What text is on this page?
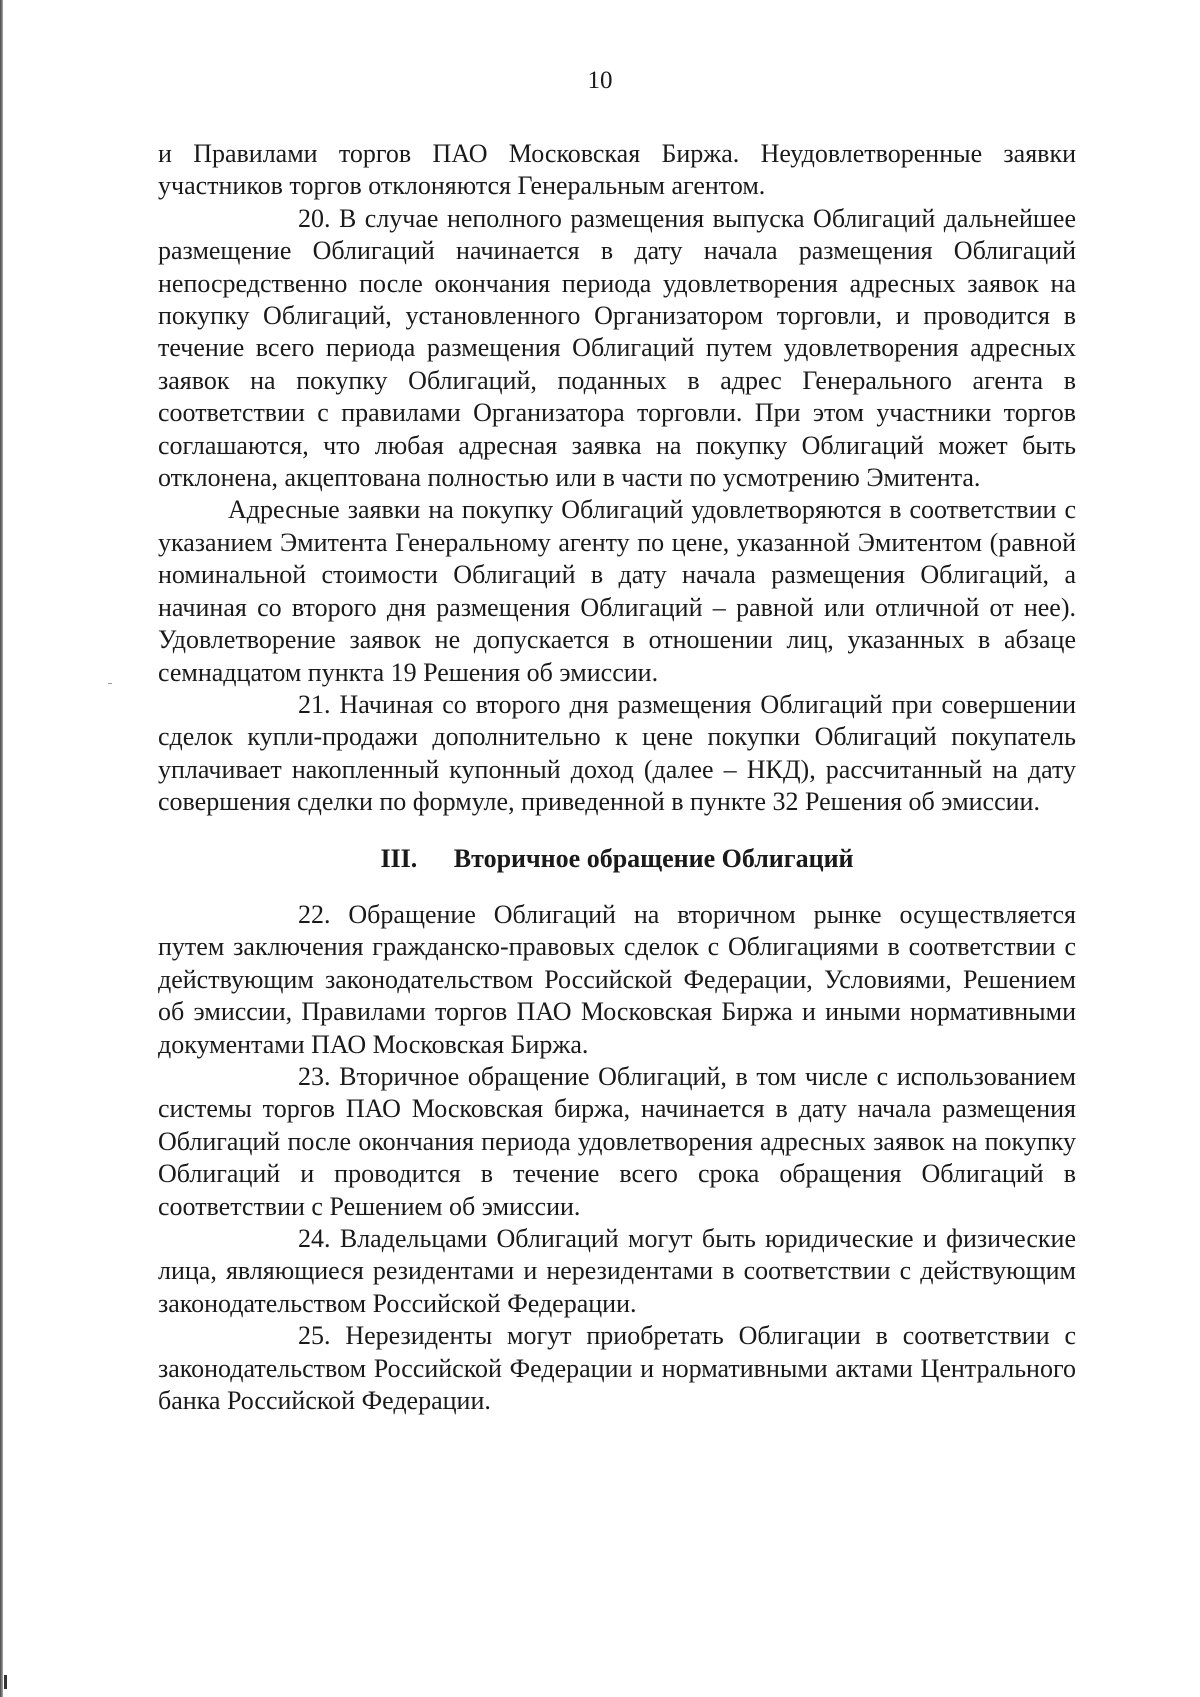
10

и Правилами торгов ПАО Московская Биржа. Неудовлетворенные заявки участников торгов отклоняются Генеральным агентом.

20. В случае неполного размещения выпуска Облигаций дальнейшее размещение Облигаций начинается в дату начала размещения Облигаций непосредственно после окончания периода удовлетворения адресных заявок на покупку Облигаций, установленного Организатором торговли, и проводится в течение всего периода размещения Облигаций путем удовлетворения адресных заявок на покупку Облигаций, поданных в адрес Генерального агента в соответствии с правилами Организатора торговли. При этом участники торгов соглашаются, что любая адресная заявка на покупку Облигаций может быть отклонена, акцептована полностью или в части по усмотрению Эмитента.

Адресные заявки на покупку Облигаций удовлетворяются в соответствии с указанием Эмитента Генеральному агенту по цене, указанной Эмитентом (равной номинальной стоимости Облигаций в дату начала размещения Облигаций, а начиная со второго дня размещения Облигаций – равной или отличной от нее). Удовлетворение заявок не допускается в отношении лиц, указанных в абзаце семнадцатом пункта 19 Решения об эмиссии.

21. Начиная со второго дня размещения Облигаций при совершении сделок купли-продажи дополнительно к цене покупки Облигаций покупатель уплачивает накопленный купонный доход (далее – НКД), рассчитанный на дату совершения сделки по формуле, приведенной в пункте 32 Решения об эмиссии.

III. Вторичное обращение Облигаций

22. Обращение Облигаций на вторичном рынке осуществляется путем заключения гражданско-правовых сделок с Облигациями в соответствии с действующим законодательством Российской Федерации, Условиями, Решением об эмиссии, Правилами торгов ПАО Московская Биржа и иными нормативными документами ПАО Московская Биржа.

23. Вторичное обращение Облигаций, в том числе с использованием системы торгов ПАО Московская биржа, начинается в дату начала размещения Облигаций после окончания периода удовлетворения адресных заявок на покупку Облигаций и проводится в течение всего срока обращения Облигаций в соответствии с Решением об эмиссии.

24. Владельцами Облигаций могут быть юридические и физические лица, являющиеся резидентами и нерезидентами в соответствии с действующим законодательством Российской Федерации.

25. Нерезиденты могут приобретать Облигации в соответствии с законодательством Российской Федерации и нормативными актами Центрального банка Российской Федерации.
